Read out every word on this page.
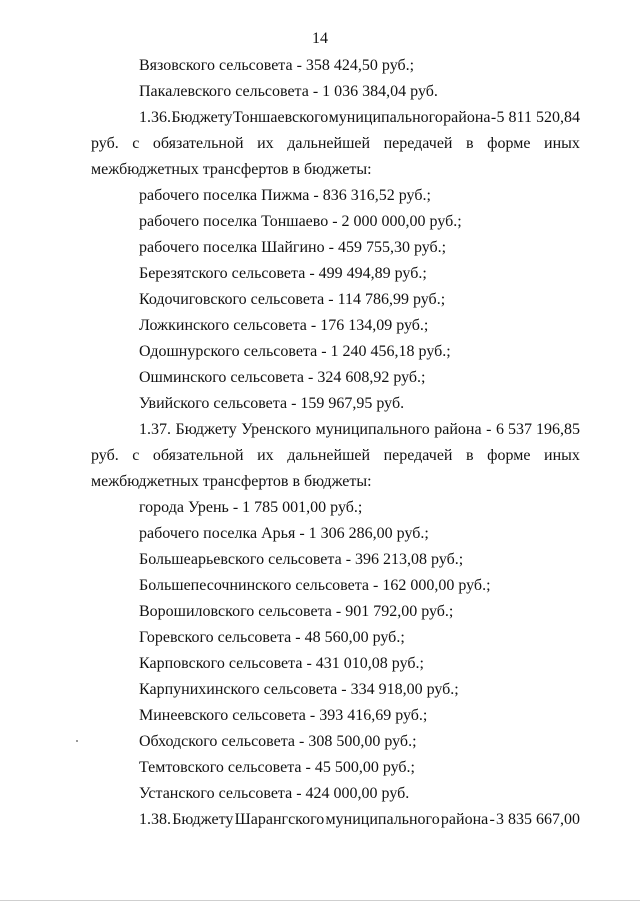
14
Вязовского сельсовета - 358 424,50 руб.;
Пакалевского сельсовета - 1 036 384,04 руб.
1.36. Бюджету Тоншаевского муниципального района - 5 811 520,84
руб. с обязательной их дальнейшей передачей в форме иных
межбюджетных трансфертов в бюджеты:
рабочего поселка Пижма - 836 316,52 руб.;
рабочего поселка Тоншаево - 2 000 000,00 руб.;
рабочего поселка Шайгино - 459 755,30 руб.;
Березятского сельсовета - 499 494,89 руб.;
Кодочиговского сельсовета - 114 786,99 руб.;
Ложкинского сельсовета - 176 134,09 руб.;
Одошнурского сельсовета - 1 240 456,18 руб.;
Ошминского сельсовета - 324 608,92 руб.;
Увийского сельсовета - 159 967,95 руб.
1.37. Бюджету Уренского муниципального района - 6 537 196,85
руб. с обязательной их дальнейшей передачей в форме иных
межбюджетных трансфертов в бюджеты:
города Урень - 1 785 001,00 руб.;
рабочего поселка Арья - 1 306 286,00 руб.;
Большеарьевского сельсовета - 396 213,08 руб.;
Большепесочнинского сельсовета - 162 000,00 руб.;
Ворошиловского сельсовета - 901 792,00 руб.;
Горевского сельсовета - 48 560,00 руб.;
Карповского сельсовета - 431 010,08 руб.;
Карпунихинского сельсовета - 334 918,00 руб.;
Минеевского сельсовета - 393 416,69 руб.;
Обходского сельсовета - 308 500,00 руб.;
Темтовского сельсовета - 45 500,00 руб.;
Устанского сельсовета - 424 000,00 руб.
1.38. Бюджету Шарангского муниципального района - 3 835 667,00
